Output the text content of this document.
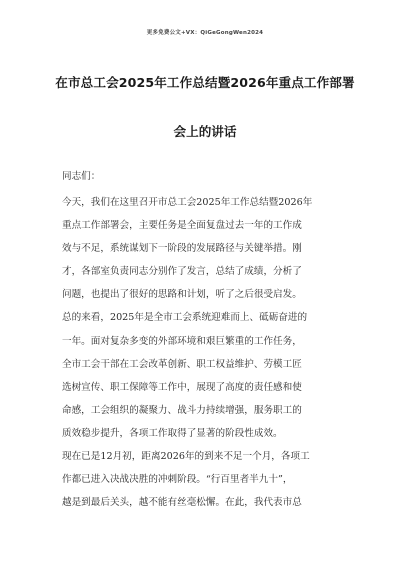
更多免费公文+VX：QiGeGongWen2024
在市总工会2025年工作总结暨2026年重点工作部署
会上的讲话
同志们：
今天，我们在这里召开市总工会2025年工作总结暨2026年
重点工作部署会，主要任务是全面复盘过去一年的工作成
效与不足，系统谋划下一阶段的发展路径与关键举措。刚
才，各部室负责同志分别作了发言，总结了成绩，分析了
问题，也提出了很好的思路和计划，听了之后很受启发。
总的来看，2025年是全市工会系统迎难而上、砥砺奋进的
一年。面对复杂多变的外部环境和艰巨繁重的工作任务，
全市工会干部在工会改革创新、职工权益维护、劳模工匠
选树宣传、职工保障等工作中，展现了高度的责任感和使
命感，工会组织的凝聚力、战斗力持续增强，服务职工的
质效稳步提升，各项工作取得了显著的阶段性成效。
现在已是12月初，距离2026年的到来不足一个月，各项工
作都已进入决战决胜的冲刺阶段。“行百里者半九十”，
越是到最后关头，越不能有丝毫松懈。在此，我代表市总
